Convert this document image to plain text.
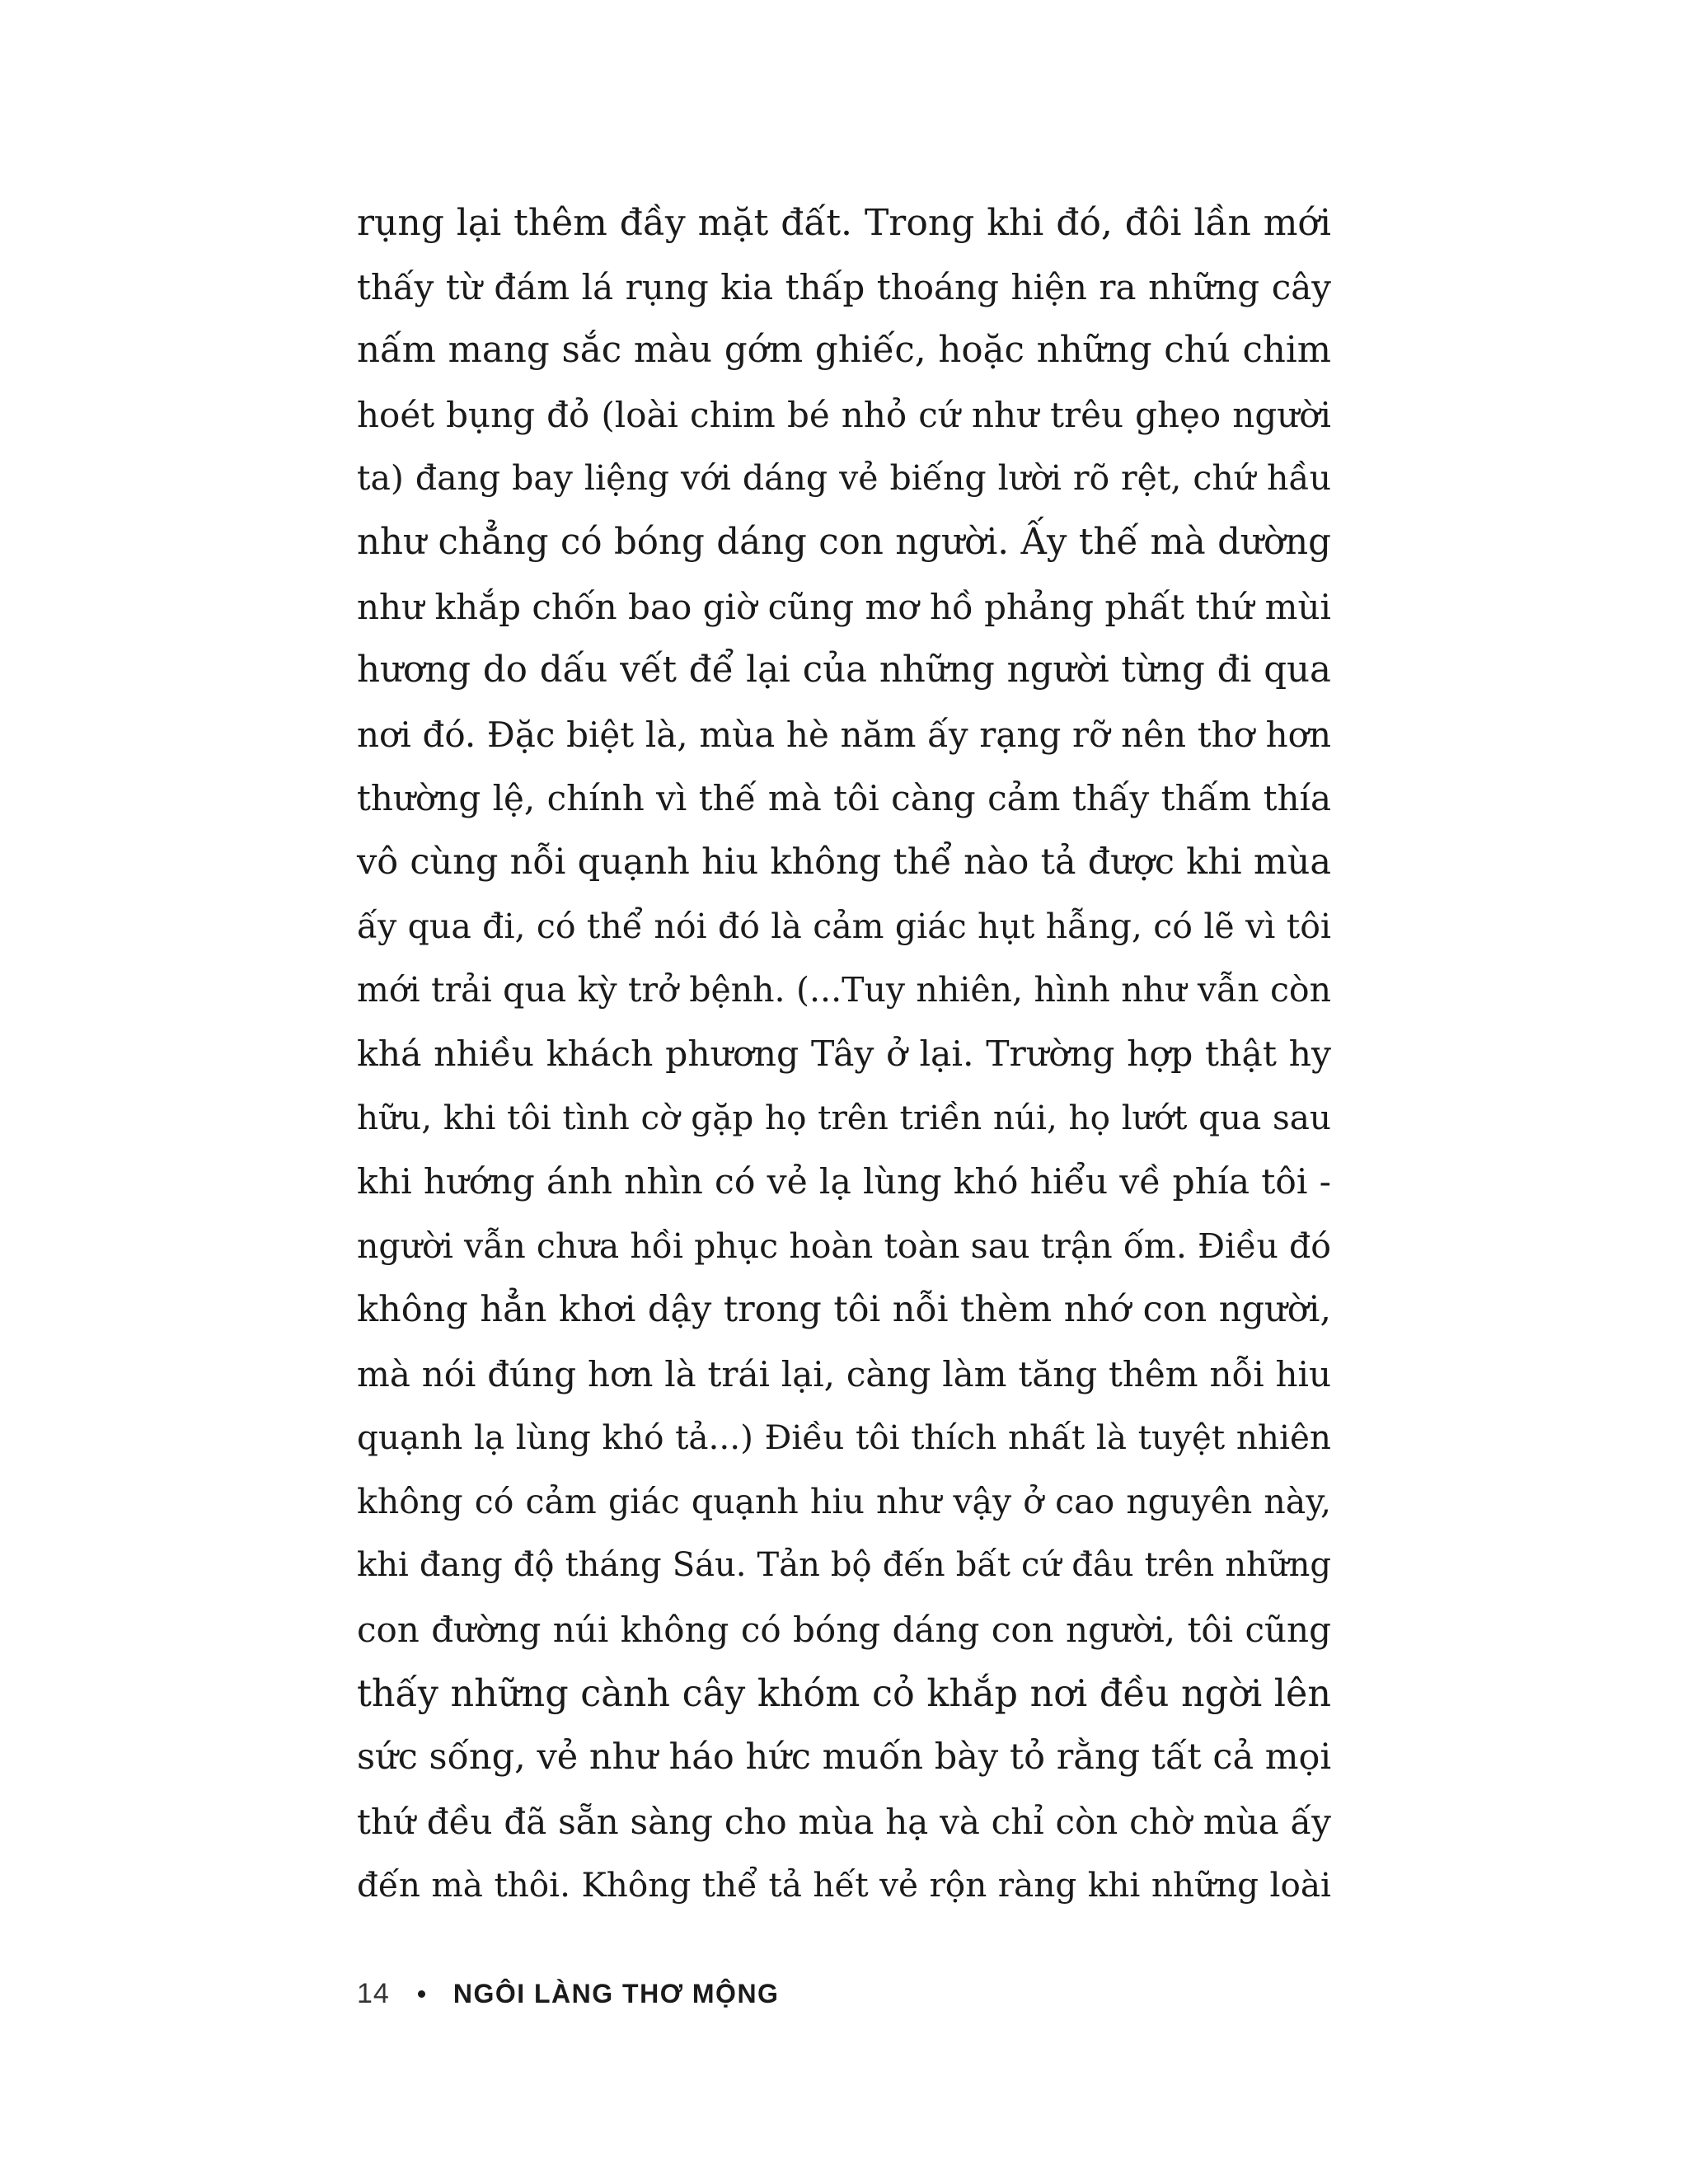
rụng lại thêm đầy mặt đất. Trong khi đó, đôi lần mới
thấy từ đám lá rụng kia thấp thoáng hiện ra những cây
nấm mang sắc màu gớm ghiếc, hoặc những chú chim
hoét bụng đỏ (loài chim bé nhỏ cứ như trêu ghẹo người
ta) đang bay liệng với dáng vẻ biếng lười rõ rệt, chứ hầu
như chẳng có bóng dáng con người. Ấy thế mà dường
như khắp chốn bao giờ cũng mơ hồ phảng phất thứ mùi
hương do dấu vết để lại của những người từng đi qua
nơi đó. Đặc biệt là, mùa hè năm ấy rạng rỡ nên thơ hơn
thường lệ, chính vì thế mà tôi càng cảm thấy thấm thía
vô cùng nỗi quạnh hiu không thể nào tả được khi mùa
ấy qua đi, có thể nói đó là cảm giác hụt hẫng, có lẽ vì tôi
mới trải qua kỳ trở bệnh. (...Tuy nhiên, hình như vẫn còn
khá nhiều khách phương Tây ở lại. Trường hợp thật hy
hữu, khi tôi tình cờ gặp họ trên triền núi, họ lướt qua sau
khi hướng ánh nhìn có vẻ lạ lùng khó hiểu về phía tôi -
người vẫn chưa hồi phục hoàn toàn sau trận ốm. Điều đó
không hẳn khơi dậy trong tôi nỗi thèm nhớ con người,
mà nói đúng hơn là trái lại, càng làm tăng thêm nỗi hiu
quạnh lạ lùng khó tả...) Điều tôi thích nhất là tuyệt nhiên
không có cảm giác quạnh hiu như vậy ở cao nguyên này,
khi đang độ tháng Sáu. Tản bộ đến bất cứ đâu trên những
con đường núi không có bóng dáng con người, tôi cũng
thấy những cành cây khóm cỏ khắp nơi đều ngời lên
sức sống, vẻ như háo hức muốn bày tỏ rằng tất cả mọi
thứ đều đã sẵn sàng cho mùa hạ và chỉ còn chờ mùa ấy
đến mà thôi. Không thể tả hết vẻ rộn ràng khi những loài
14 NGÔI LÀNG THƠ MỘNG
